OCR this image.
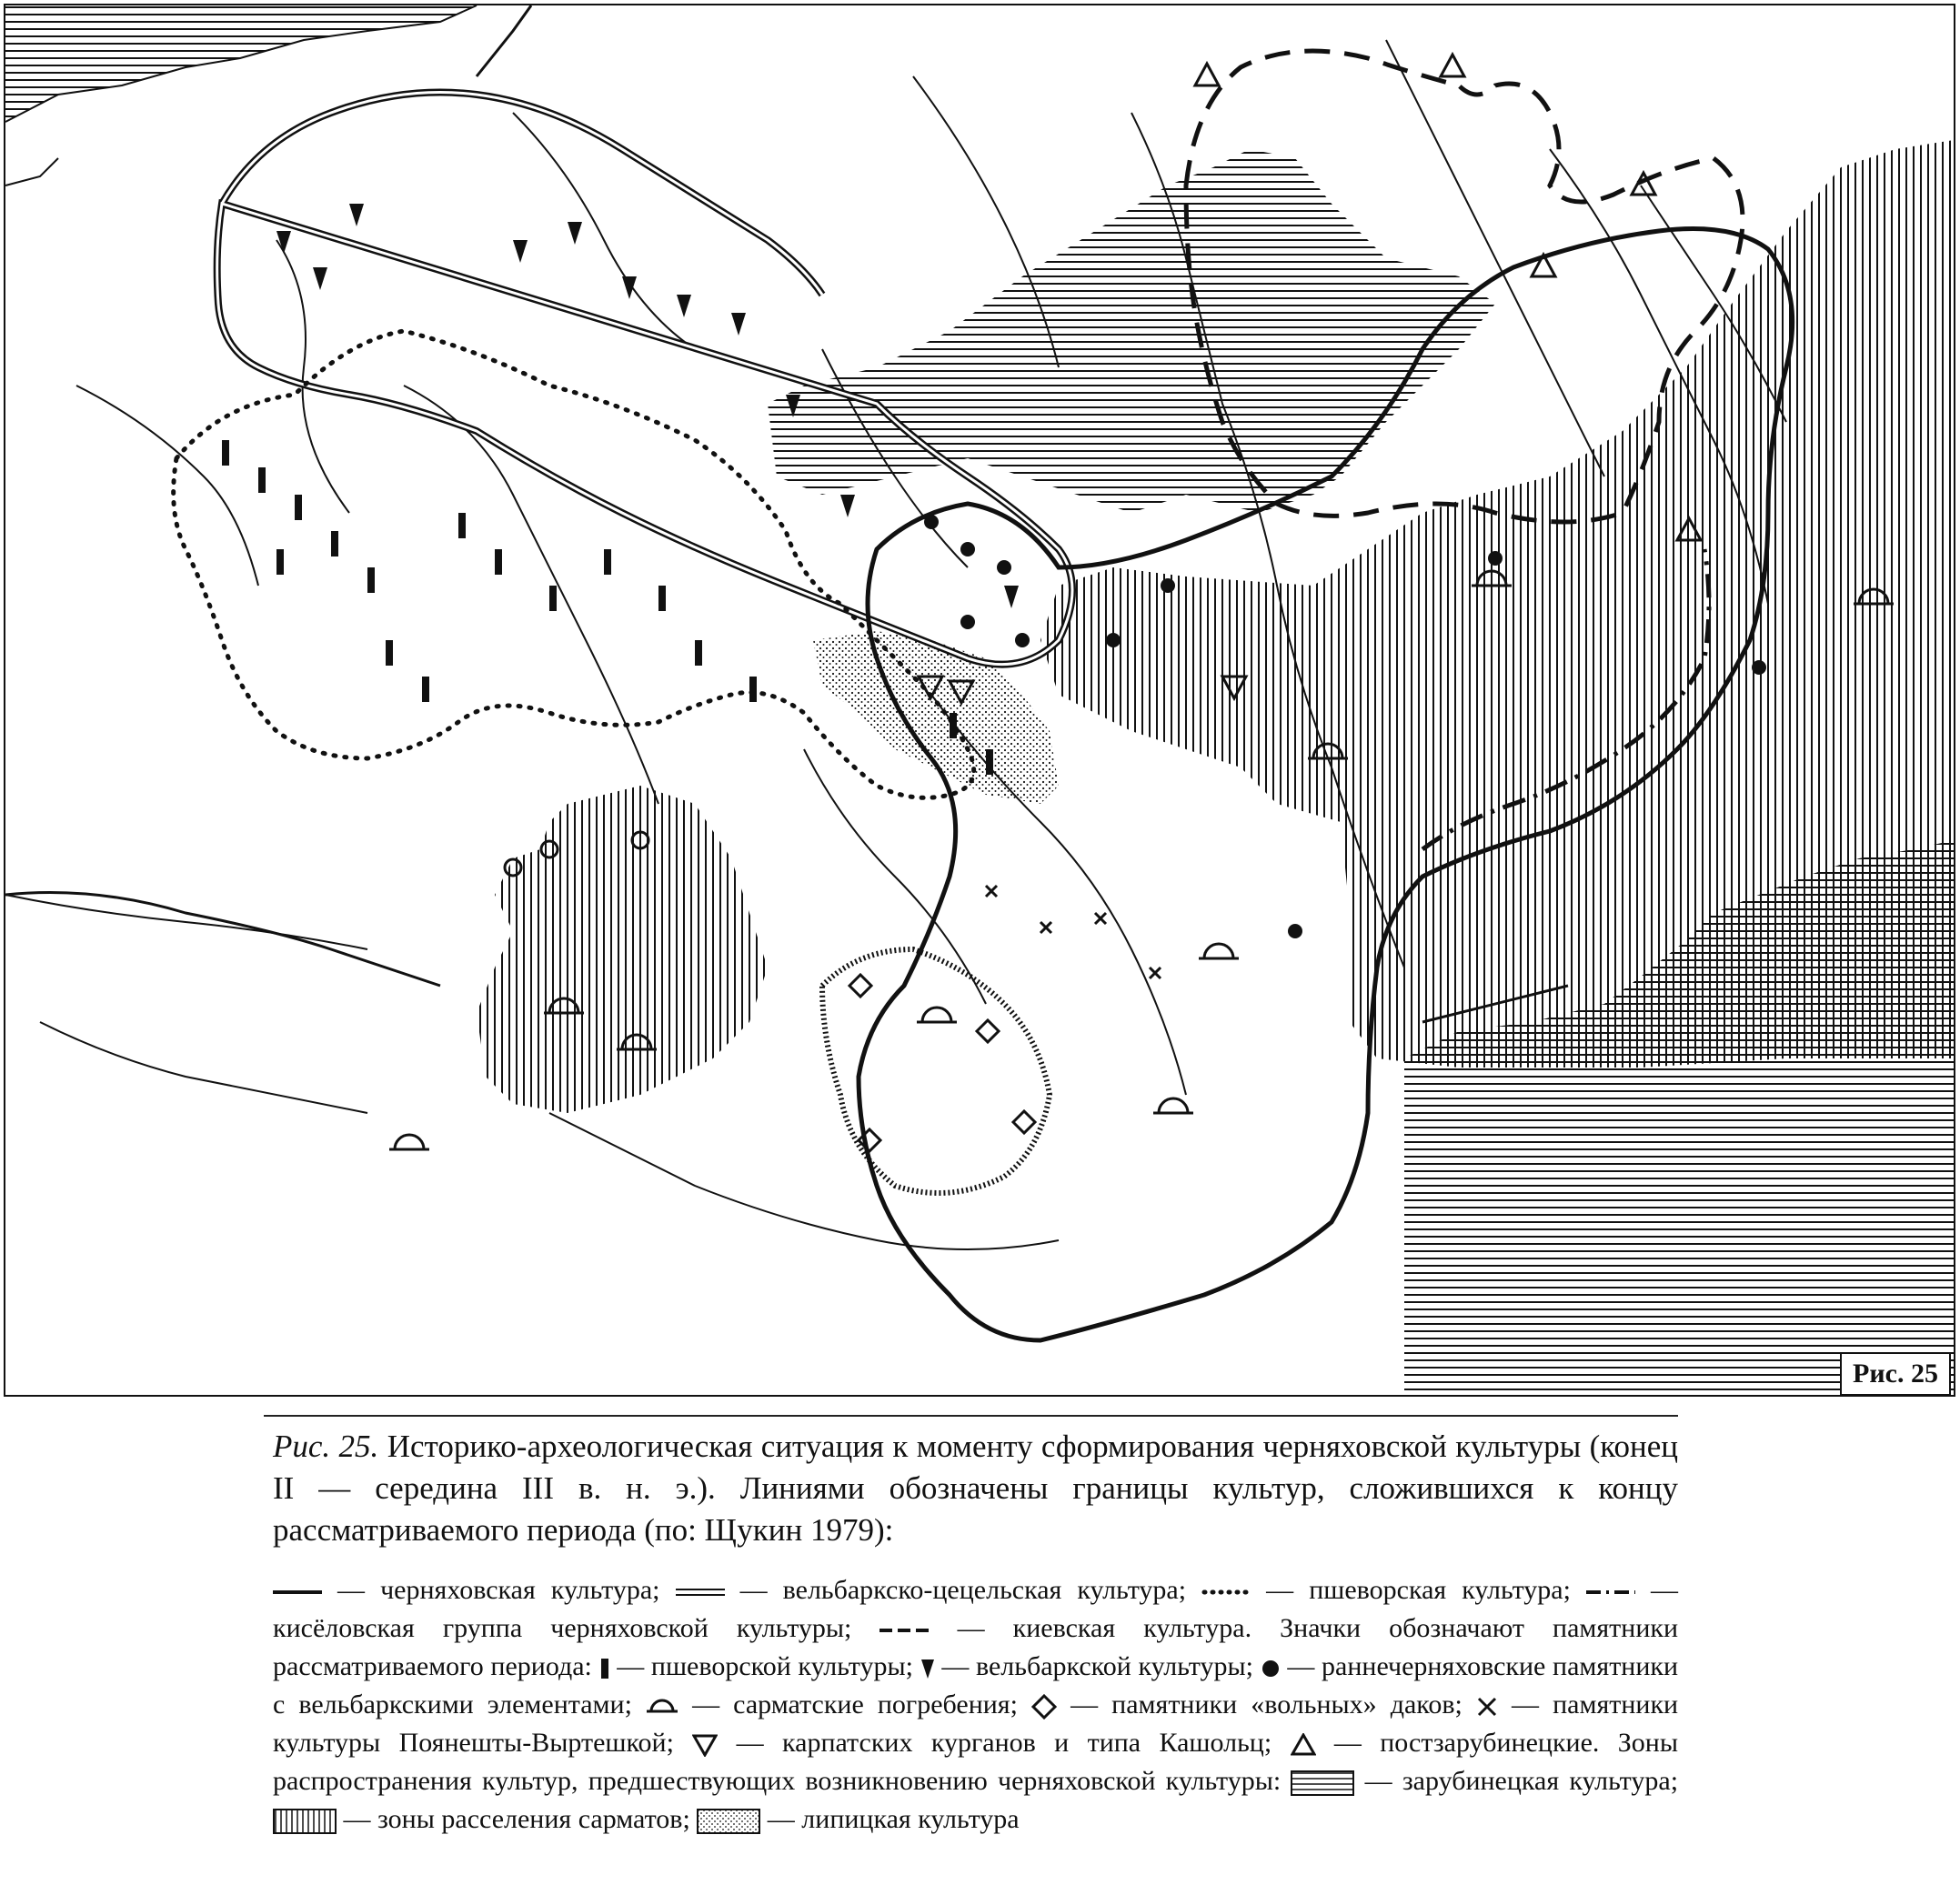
Рис. 25
Рис. 25. Историко-археологическая ситуация к моменту сформирования черняховской культуры (конец II — середина III в. н. э.). Линиями обозначены границы культур, сложившихся к концу рассматриваемого периода (по: Щукин 1979):
— черняховская культура;	— вельбаркско-цецельская культура;	— пшеворская культура;	— кисёловская группа черняховской культуры;	— киевская культура. Значки обозначают памятники рассматриваемого периода: — пшеворской культуры; — вельбаркской культуры; — раннечерняховские памятники с вельбаркскими элементами; — сарматские погребения; — памятники «вольных» даков; — памятники культуры Поянешты-Выртешкой; — карпатских курганов и типа Кашольц; — постзарубинецкие. Зоны распространения культур, предшествующих возникновению черняховской культуры:	— зарубинецкая культура;
— зоны расселения сарматов;	— липицкая культура
